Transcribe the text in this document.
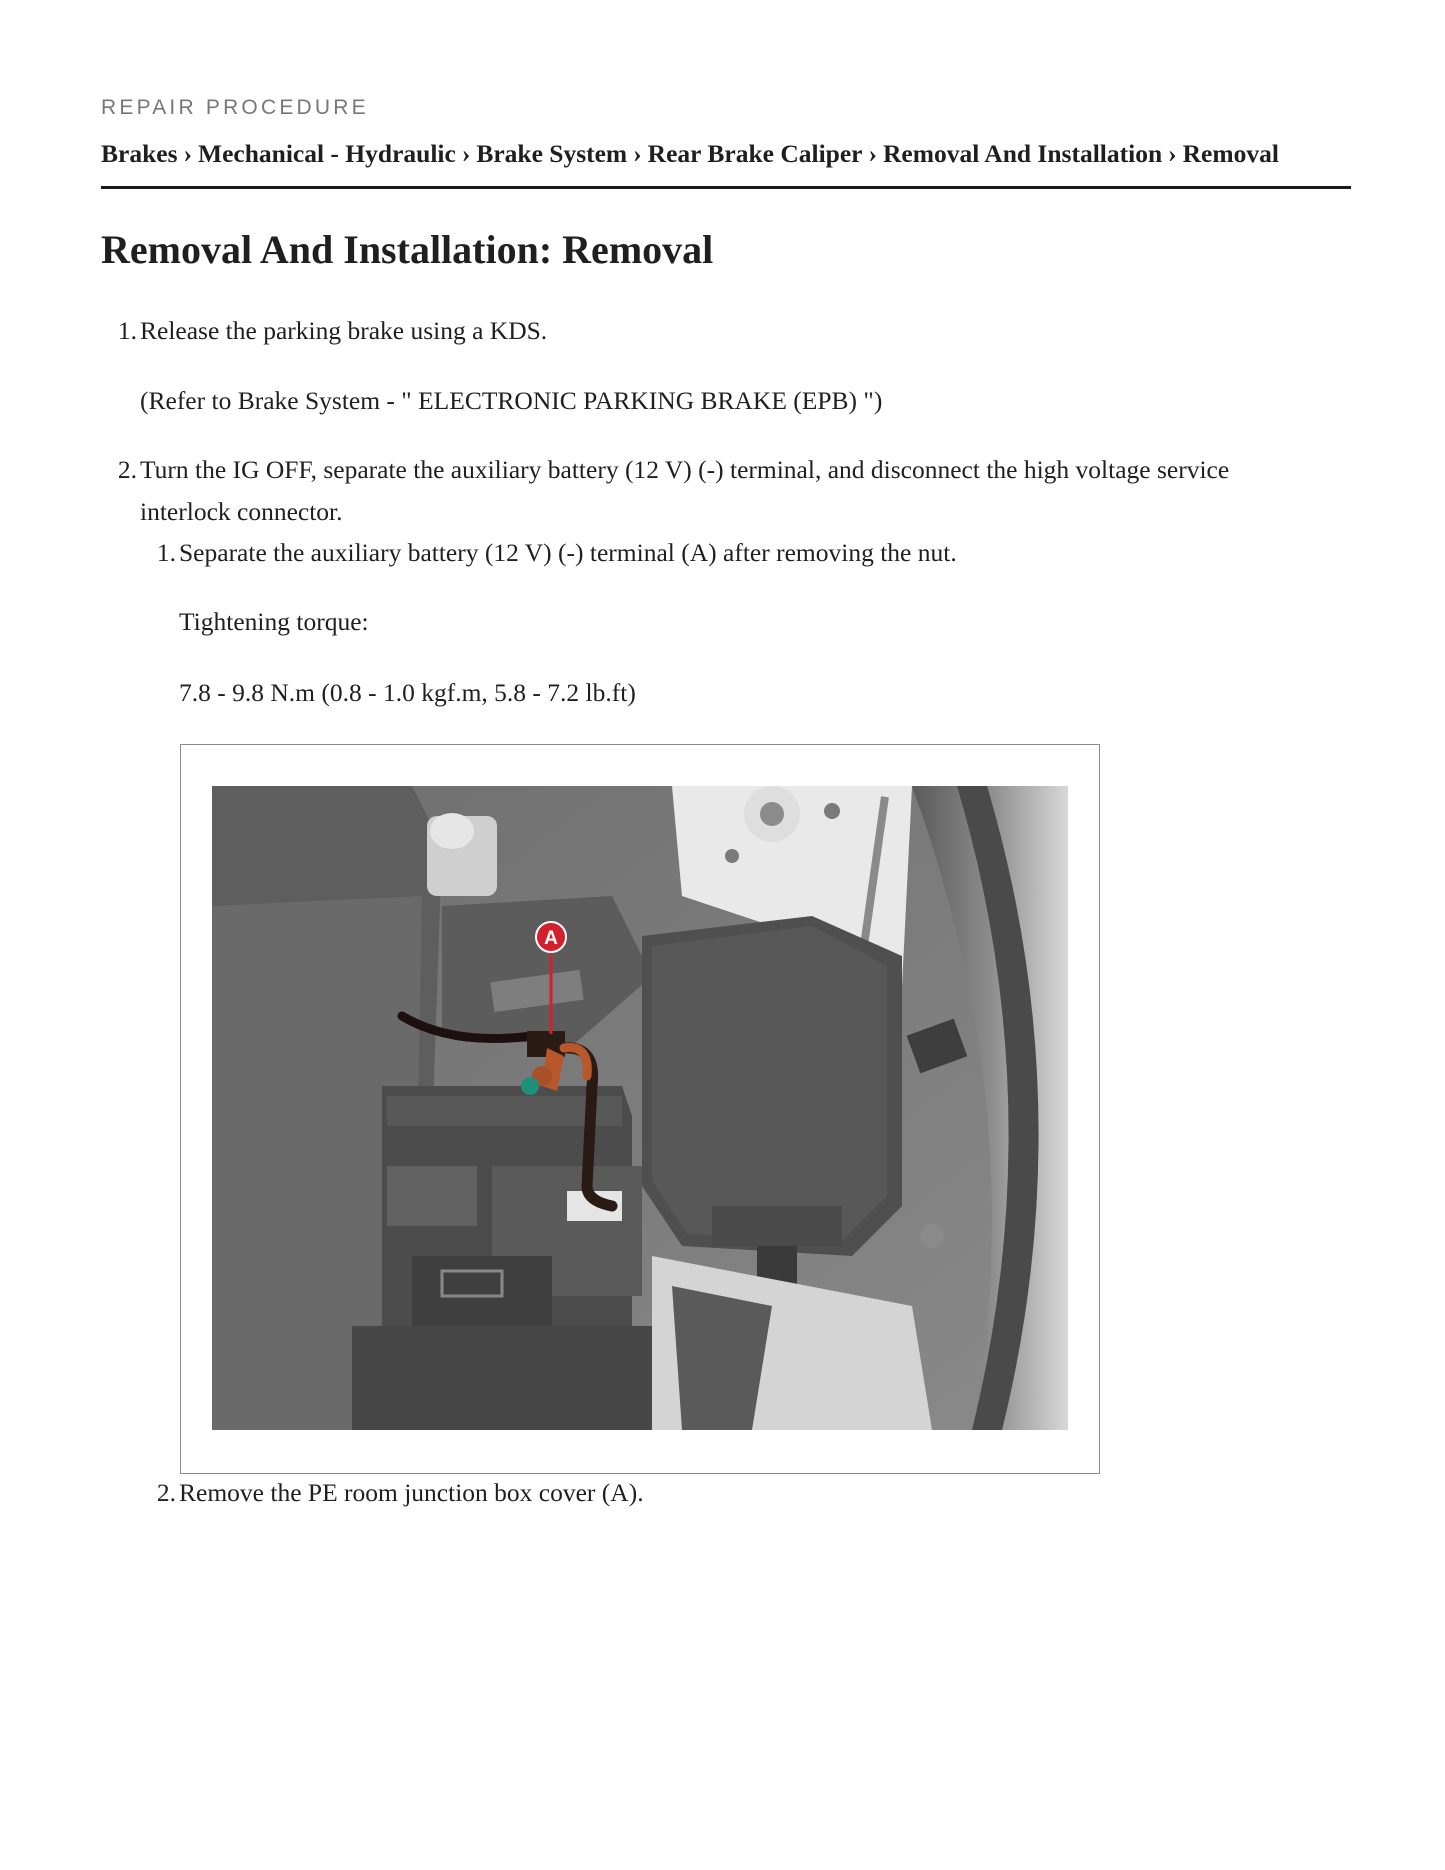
REPAIR PROCEDURE
Brakes › Mechanical - Hydraulic › Brake System › Rear Brake Caliper › Removal And Installation › Removal
Removal And Installation: Removal
1. Release the parking brake using a KDS.
(Refer to Brake System - " ELECTRONIC PARKING BRAKE (EPB) ")
2. Turn the IG OFF, separate the auxiliary battery (12 V) (-) terminal, and disconnect the high voltage service
interlock connector.
1. Separate the auxiliary battery (12 V) (-) terminal (A) after removing the nut.
Tightening torque:
7.8 - 9.8 N.m (0.8 - 1.0 kgf.m, 5.8 - 7.2 lb.ft)
2. Remove the PE room junction box cover (A).
A
